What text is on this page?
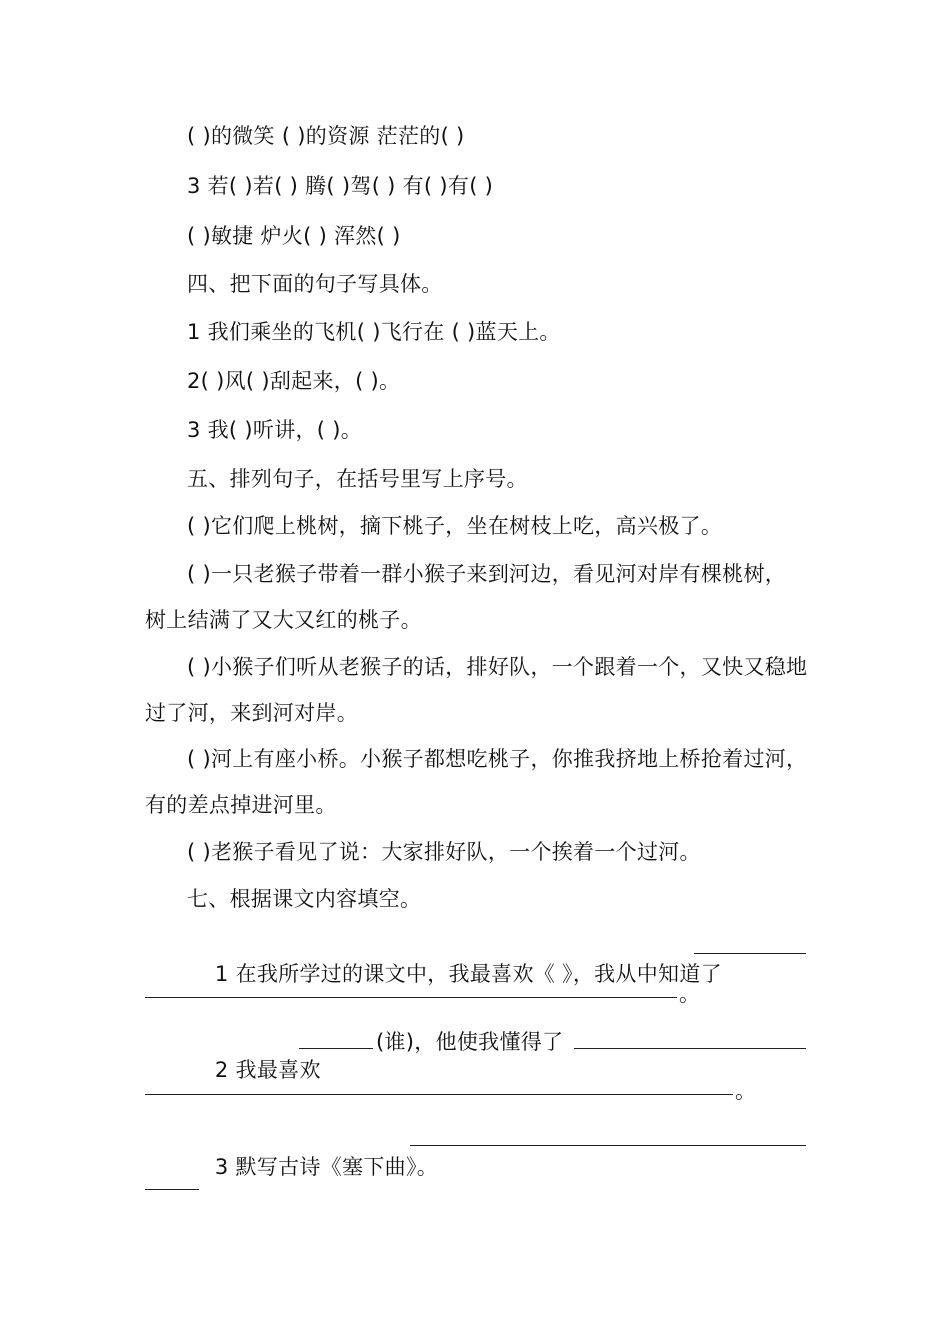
( )的微笑 ( )的资源 茫茫的( )
3 若( )若( ) 腾( )驾( ) 有( )有( )
( )敏捷 炉火( ) 浑然( )
四、把下面的句子写具体。
1 我们乘坐的飞机( )飞行在 ( )蓝天上。
2( )风( )刮起来，( )。
3 我( )听讲，( )。
五、排列句子，在括号里写上序号。
( )它们爬上桃树，摘下桃子，坐在树枝上吃，高兴极了。
( )一只老猴子带着一群小猴子来到河边，看见河对岸有棵桃树，
树上结满了又大又红的桃子。
( )小猴子们听从老猴子的话，排好队，一个跟着一个，又快又稳地
过了河，来到河对岸。
( )河上有座小桥。小猴子都想吃桃子，你推我挤地上桥抢着过河，
有的差点掉进河里。
( )老猴子看见了说：大家排好队，一个挨着一个过河。
七、根据课文内容填空。

1 在我所学过的课文中，我最喜欢《 》，我从中知道了

。

2 我最喜欢

(谁)，他使我懂得了
。

3 默写古诗《塞下曲》。
